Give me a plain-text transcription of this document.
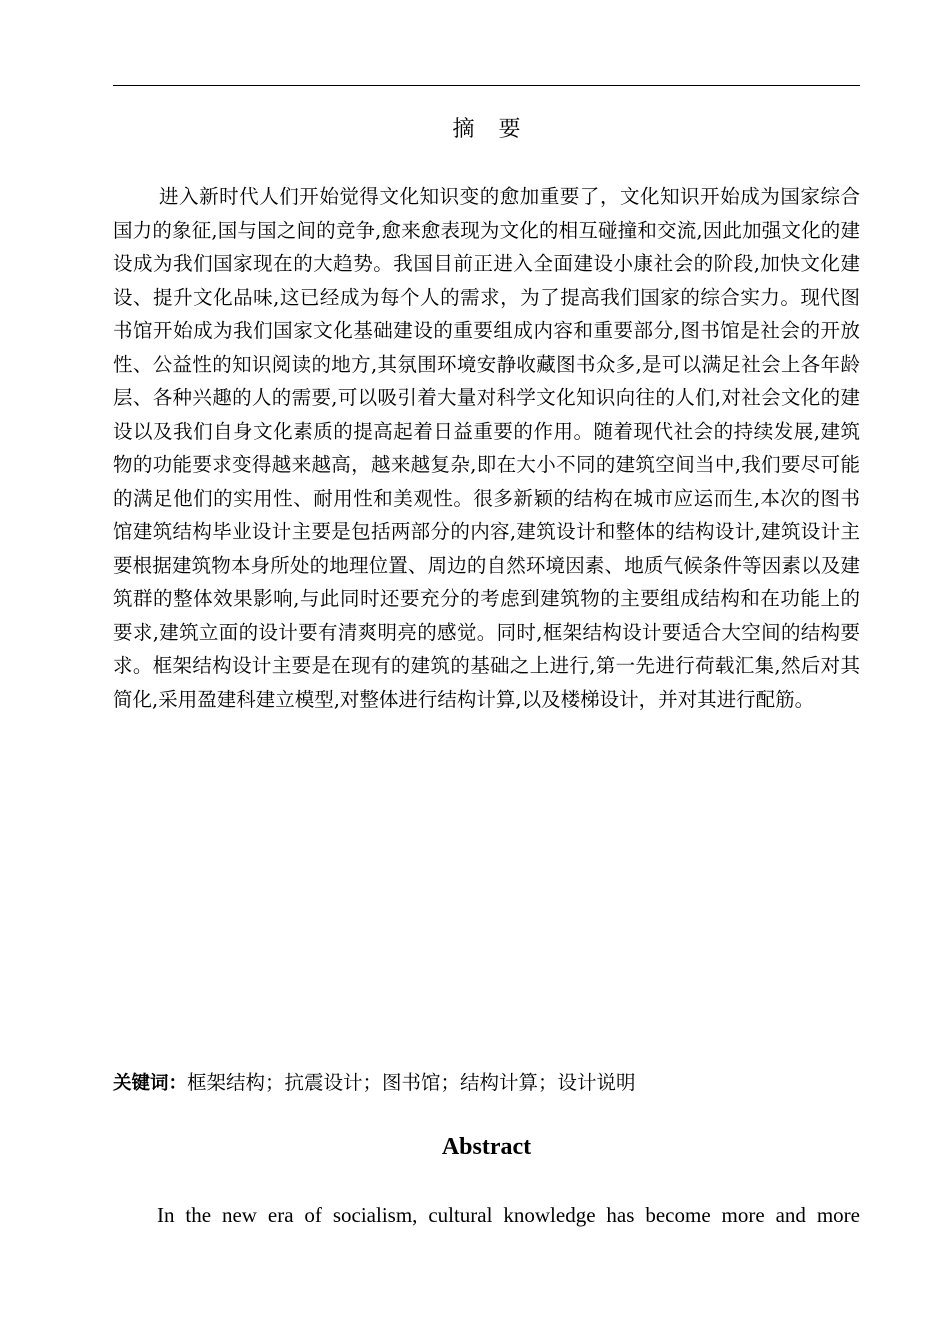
摘要

进入新时代人们开始觉得文化知识变的愈加重要了，文化知识开始成为国家综合国力的象征,国与国之间的竞争,愈来愈表现为文化的相互碰撞和交流,因此加强文化的建设成为我们国家现在的大趋势。我国目前正进入全面建设小康社会的阶段,加快文化建设、提升文化品味,这已经成为每个人的需求，为了提高我们国家的综合实力。现代图书馆开始成为我们国家文化基础建设的重要组成内容和重要部分,图书馆是社会的开放性、公益性的知识阅读的地方,其氛围环境安静收藏图书众多,是可以满足社会上各年龄层、各种兴趣的人的需要,可以吸引着大量对科学文化知识向往的人们,对社会文化的建设以及我们自身文化素质的提高起着日益重要的作用。随着现代社会的持续发展,建筑物的功能要求变得越来越高，越来越复杂,即在大小不同的建筑空间当中,我们要尽可能的满足他们的实用性、耐用性和美观性。很多新颖的结构在城市应运而生,本次的图书馆建筑结构毕业设计主要是包括两部分的内容,建筑设计和整体的结构设计,建筑设计主要根据建筑物本身所处的地理位置、周边的自然环境因素、地质气候条件等因素以及建筑群的整体效果影响,与此同时还要充分的考虑到建筑物的主要组成结构和在功能上的要求,建筑立面的设计要有清爽明亮的感觉。同时,框架结构设计要适合大空间的结构要求。框架结构设计主要是在现有的建筑的基础之上进行,第一先进行荷载汇集,然后对其简化,采用盈建科建立模型,对整体进行结构计算,以及楼梯设计，并对其进行配筋。

关键词：框架结构；抗震设计；图书馆；结构计算；设计说明
Abstract

In the new era of socialism, cultural knowledge has become more and more
